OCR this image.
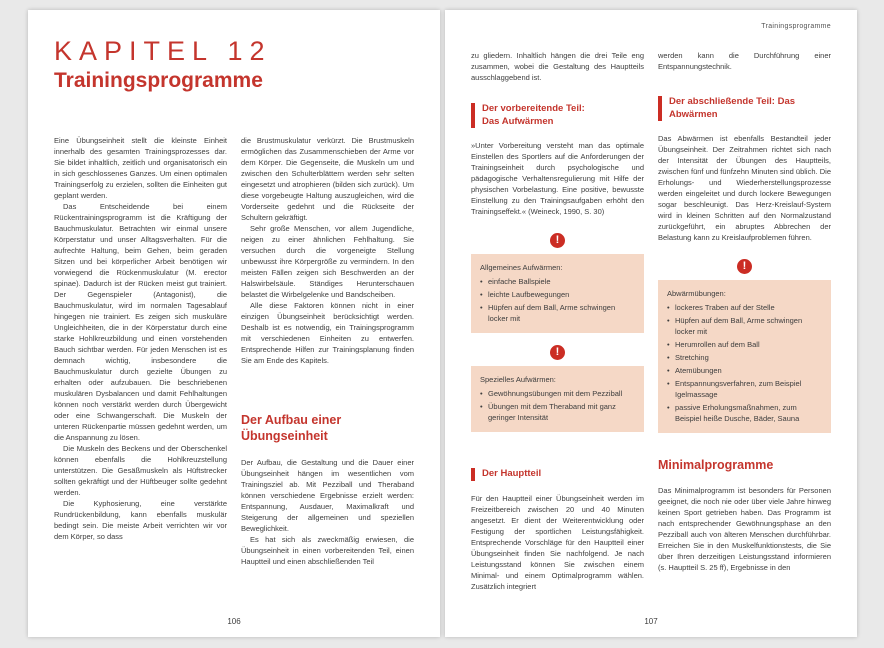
KAPITEL 12
Trainingsprogramme

Eine Übungseinheit stellt die kleinste Einheit innerhalb des gesamten Trainingsprozesses dar. Sie bildet inhaltlich, zeitlich und organisatorisch ein in sich geschlossenes Ganzes. Um einen optimalen Trainingserfolg zu erzielen, sollten die Einheiten gut geplant werden.

Das Entscheidende bei einem Rückentrainingsprogramm ist die Kräftigung der Bauchmuskulatur. Betrachten wir einmal unsere Körperstatur und unser Alltagsverhalten. Für die aufrechte Haltung, beim Gehen, beim geraden Sitzen und bei körperlicher Arbeit benötigen wir vorwiegend die Rückenmuskulatur (M. erector spinae). Dadurch ist der Rücken meist gut trainiert. Der Gegenspieler (Antagonist), die Bauchmuskulatur, wird im normalen Tagesablauf hingegen nie trainiert. Es zeigen sich muskuläre Ungleichheiten, die in der Körperstatur durch eine starke Hohlkreuzbildung und einen vorstehenden Bauch sichtbar werden. Für jeden Menschen ist es demnach wichtig, insbesondere die Bauchmuskulatur durch gezielte Übungen zu erhalten oder aufzubauen. Die beschriebenen muskulären Dysbalancen und damit Fehlhaltungen können noch verstärkt werden durch Übergewicht oder eine Schwangerschaft. Die Muskeln der unteren Rückenpartie müssen gedehnt werden, um die Anspannung zu lösen.

Die Muskeln des Beckens und der Oberschenkel können ebenfalls die Hohlkreuzstellung unterstützen. Die Gesäßmuskeln als Hüftstrecker sollten gekräftigt und der Hüftbeuger sollte gedehnt werden.

Die Kyphosierung, eine verstärkte Rundrückenbildung, kann ebenfalls muskulär bedingt sein. Die meiste Arbeit verrichten wir vor dem Körper, so dass

die Brustmuskulatur verkürzt. Die Brustmuskeln ermöglichen das Zusammenschieben der Arme vor dem Körper. Die Gegenseite, die Muskeln um und zwischen den Schulterblättern werden sehr selten eingesetzt und atrophieren (bilden sich zurück). Um diese vorgebeugte Haltung auszugleichen, wird die Vorderseite gedehnt und die Rückseite der Schultern gekräftigt.

Sehr große Menschen, vor allem Jugendliche, neigen zu einer ähnlichen Fehlhaltung. Sie versuchen durch die vorgeneigte Stellung unbewusst ihre Körpergröße zu vermindern. In den meisten Fällen zeigen sich Beschwerden an der Halswirbelsäule. Ständiges Herunterschauen belastet die Wirbelgelenke und Bandscheiben.

Alle diese Faktoren können nicht in einer einzigen Übungseinheit berücksichtigt werden. Deshalb ist es notwendig, ein Trainingsprogramm mit verschiedenen Einheiten zu entwerfen. Entsprechende Hilfen zur Trainingsplanung finden Sie am Ende des Kapitels.

Der Aufbau einer Übungseinheit

Der Aufbau, die Gestaltung und die Dauer einer Übungseinheit hängen im wesentlichen vom Trainingsziel ab. Mit Pezziball und Theraband können verschiedene Ergebnisse erzielt werden: Entspannung, Ausdauer, Maximalkraft und Steigerung der allgemeinen und speziellen Beweglichkeit.

Es hat sich als zweckmäßig erwiesen, die Übungseinheit in einen vorbereitenden Teil, einen Hauptteil und einen abschließenden Teil

106
Trainingsprogramme

zu gliedern. Inhaltlich hängen die drei Teile eng zusammen, wobei die Gestaltung des Hauptteils ausschlaggebend ist.

Der vorbereitende Teil:
Das Aufwärmen

»Unter Vorbereitung versteht man das optimale Einstellen des Sportlers auf die Anforderungen der Trainingseinheit durch psychologische und pädagogische Verhaltensregulierung mit Hilfe der physischen Vorbelastung. Eine positive, bewusste Einstellung zu den Trainingsaufgaben erhöht den Trainingseffekt.« (Weineck, 1990, S. 30)

!
Allgemeines Aufwärmen:
• einfache Ballspiele
• leichte Laufbewegungen
• Hüpfen auf dem Ball, Arme schwingen locker mit
!
Spezielles Aufwärmen:
• Gewöhnungsübungen mit dem Pezziball
• Übungen mit dem Theraband mit ganz geringer Intensität
Der Hauptteil

Für den Hauptteil einer Übungseinheit werden im Freizeitbereich zwischen 20 und 40 Minuten angesetzt. Er dient der Weiterentwicklung oder Festigung der sportlichen Leistungsfähigkeit. Entsprechende Vorschläge für den Hauptteil einer Übungseinheit finden Sie nachfolgend. Je nach Leistungsstand können Sie zwischen einem Minimal- und einem Optimalprogramm wählen. Zusätzlich integriert

werden kann die Durchführung einer Entspannungstechnik.

Der abschließende Teil: Das
Abwärmen

Das Abwärmen ist ebenfalls Bestandteil jeder Übungseinheit. Der Zeitrahmen richtet sich nach der Intensität der Übungen des Hauptteils, zwischen fünf und fünfzehn Minuten sind üblich. Die Erholungs- und Wiederherstellungsprozesse werden eingeleitet und durch lockere Bewegungen sogar beschleunigt. Das Herz-Kreislauf-System wird in kleinen Schritten auf den Normalzustand zurückgeführt, ein abruptes Abbrechen der Belastung kann zu Kreislaufproblemen führen.

!
Abwärmübungen:
• lockeres Traben auf der Stelle
• Hüpfen auf dem Ball, Arme schwingen locker mit
• Herumrollen auf dem Ball
• Stretching
• Atemübungen
• Entspannungsverfahren, zum Beispiel Igelmassage
• passive Erholungsmaßnahmen, zum Beispiel heiße Dusche, Bäder, Sauna
Minimalprogramme

Das Minimalprogramm ist besonders für Personen geeignet, die noch nie oder über viele Jahre hinweg keinen Sport getrieben haben. Das Programm ist nach entsprechender Gewöhnungsphase an den Pezziball auch von älteren Menschen durchführbar. Erreichen Sie in den Muskelfunktionstests, die Sie über Ihren derzeitigen Leistungsstand informieren (s. Hauptteil S. 25 ff), Ergebnisse in den

107
